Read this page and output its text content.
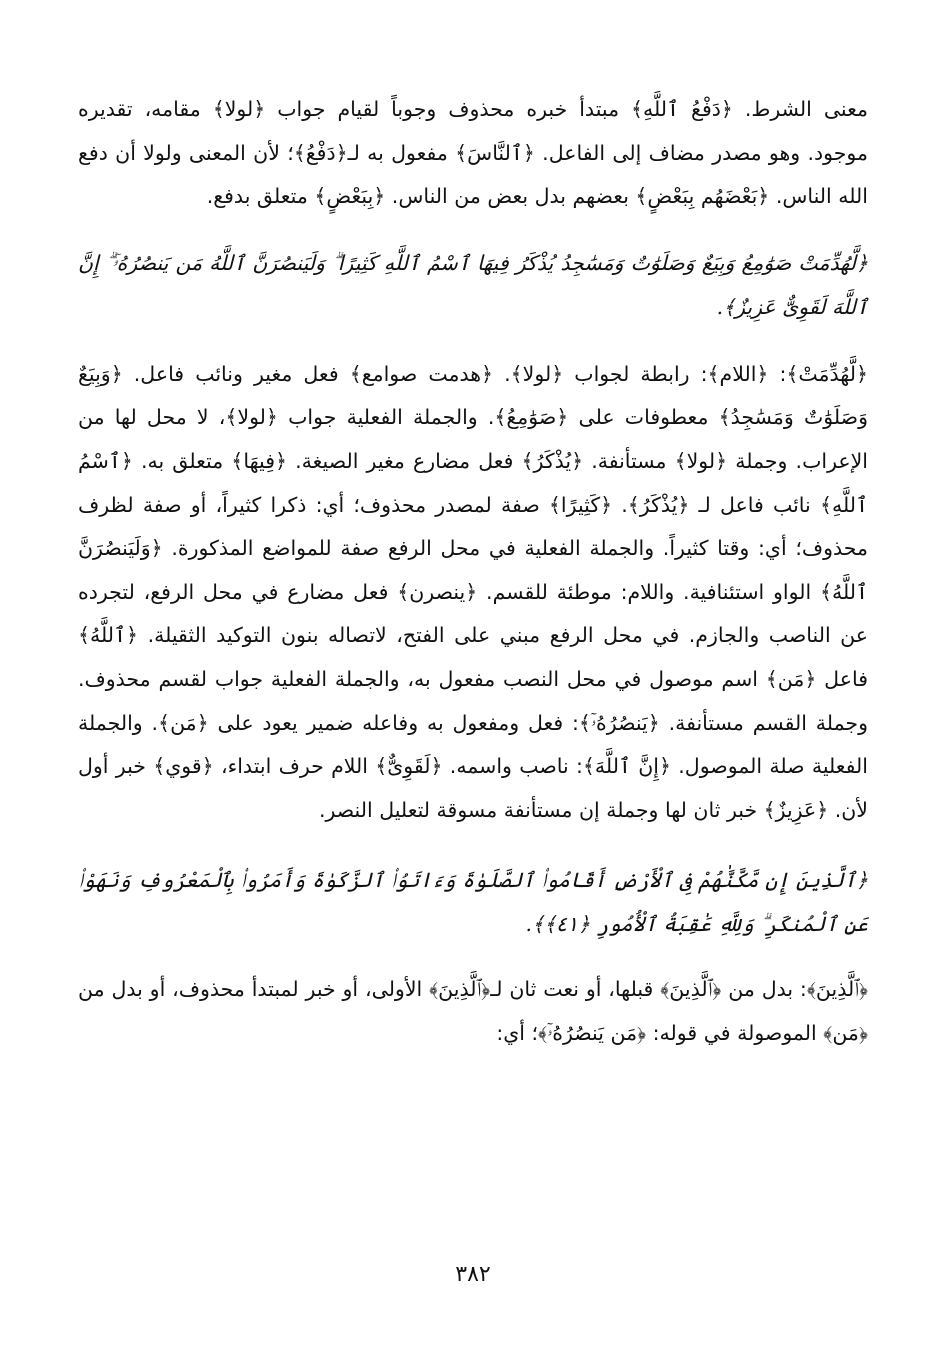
معنى الشرط. ﴿دَفْعُ ٱللَّهِ﴾ مبتدأ خبره محذوف وجوباً لقيام جواب ﴿لولا﴾ مقامه، تقديره موجود. وهو مصدر مضاف إلى الفاعل. ﴿ٱلنَّاسَ﴾ مفعول به لـ﴿دَفْعُ﴾؛ لأن المعنى ولولا أن دفع الله الناس. ﴿بَعْضَهُم بِبَعْضٍ﴾ بعضهم بدل بعض من الناس. ﴿بِبَعْضٍ﴾ متعلق بدفع.

﴿لَّهُدِّمَتْ صَوَٰمِعُ وَبِيَعٌ وَصَلَوَٰتٌ وَمَسَٰجِدُ يُذْكَرُ فِيهَا ٱسْمُ ٱللَّهِ كَثِيرًا ۗ وَلَيَنصُرَنَّ ٱللَّهُ مَن يَنصُرُهُۥٓ ۗ إِنَّ ٱللَّهَ لَقَوِىٌّ عَزِيزٌ﴾.

﴿لَّهُدِّمَتْ﴾: ﴿اللام﴾: رابطة لجواب ﴿لولا﴾. ﴿هدمت صوامع﴾ فعل مغير ونائب فاعل. ﴿وَبِيَعٌ وَصَلَوَٰتٌ وَمَسَٰجِدُ﴾ معطوفات على ﴿صَوَٰمِعُ﴾. والجملة الفعلية جواب ﴿لولا﴾، لا محل لها من الإعراب. وجملة ﴿لولا﴾ مستأنفة. ﴿يُذْكَرُ﴾ فعل مضارع مغير الصيغة. ﴿فِيهَا﴾ متعلق به. ﴿ٱسْمُ ٱللَّهِ﴾ نائب فاعل لـ ﴿يُذْكَرُ﴾. ﴿كَثِيرًا﴾ صفة لمصدر محذوف؛ أي: ذكرا كثيراً، أو صفة لظرف محذوف؛ أي: وقتا كثيراً. والجملة الفعلية في محل الرفع صفة للمواضع المذكورة. ﴿وَلَيَنصُرَنَّ ٱللَّهُ﴾ الواو استئنافية. واللام: موطئة للقسم. ﴿ينصرن﴾ فعل مضارع في محل الرفع، لتجرده عن الناصب والجازم. في محل الرفع مبني على الفتح، لاتصاله بنون التوكيد الثقيلة. ﴿ٱللَّهُ﴾ فاعل ﴿مَن﴾ اسم موصول في محل النصب مفعول به، والجملة الفعلية جواب لقسم محذوف. وجملة القسم مستأنفة. ﴿يَنصُرُهُۥٓ﴾: فعل ومفعول به وفاعله ضمير يعود على ﴿مَن﴾. والجملة الفعلية صلة الموصول. ﴿إِنَّ ٱللَّهَ﴾: ناصب واسمه. ﴿لَقَوِىٌّ﴾ اللام حرف ابتداء، ﴿قوي﴾ خبر أول لأن. ﴿عَزِيزٌ﴾ خبر ثان لها وجملة إن مستأنفة مسوقة لتعليل النصر.

﴿ٱلَّذِينَ إِن مَّكَّنَّٰهُمْ فِى ٱلْأَرْضِ أَقَامُوا۟ ٱلصَّلَوٰةَ وَءَاتَوُا۟ ٱلزَّكَوٰةَ وَأَمَرُوا۟ بِٱلْمَعْرُوفِ وَنَهَوْا۟ عَنِ ٱلْمُنكَرِ ۗ وَلِلَّهِ عَٰقِبَةُ ٱلْأُمُورِ ﴿٤١﴾﴾.

﴿ٱلَّذِينَ﴾: بدل من ﴿ٱلَّذِينَ﴾ قبلها، أو نعت ثان لـ﴿ٱلَّذِينَ﴾ الأولى، أو خبر لمبتدأ محذوف، أو بدل من ﴿مَن﴾ الموصولة في قوله: ﴿مَن يَنصُرُهُۥٓ﴾؛ أي:

٣٨٢
